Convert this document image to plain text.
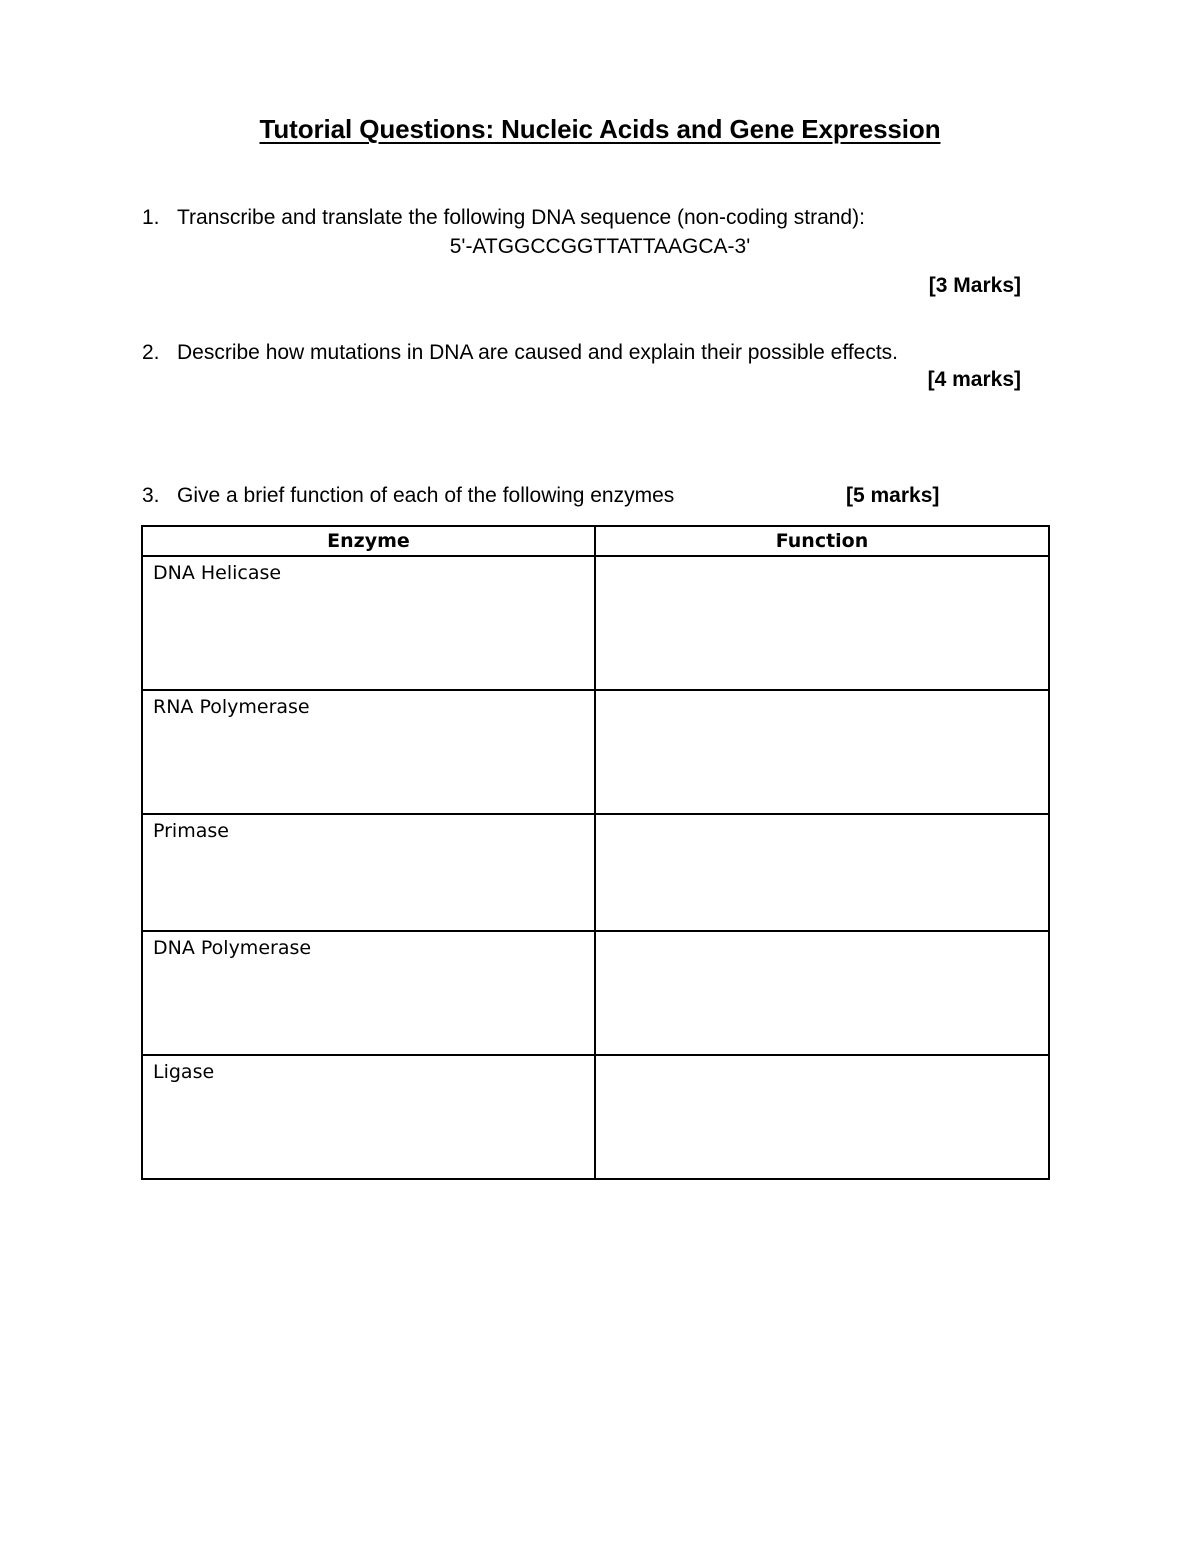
Tutorial Questions: Nucleic Acids and Gene Expression
1. Transcribe and translate the following DNA sequence (non-coding strand):
5'-ATGGCCGGTTATTAAGCA-3'
[3 Marks]
2. Describe how mutations in DNA are caused and explain their possible effects.
[4 marks]
3. Give a brief function of each of the following enzymes	[5 marks]
Enzyme	Function
DNA Helicase	
RNA Polymerase	
Primase	
DNA Polymerase	
Ligase	
